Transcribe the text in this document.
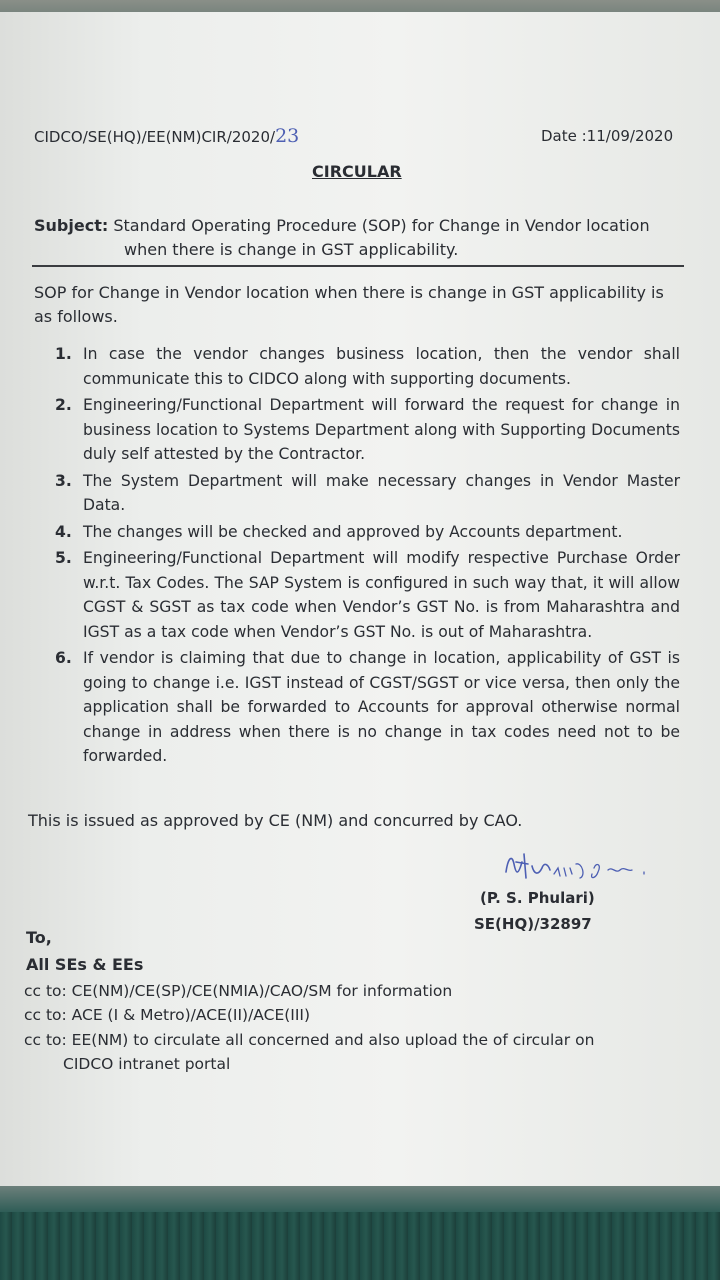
CIDCO/SE(HQ)/EE(NM)CIR/2020/23	Date :11/09/2020
CIRCULAR
Subject: Standard Operating Procedure (SOP) for Change in Vendor location
when there is change in GST applicability.
SOP for Change in Vendor location when there is change in GST applicability is as follows.
1. In case the vendor changes business location, then the vendor shall communicate this to CIDCO along with supporting documents.
2. Engineering/Functional Department will forward the request for change in business location to Systems Department along with Supporting Documents duly self attested by the Contractor.
3. The System Department will make necessary changes in Vendor Master Data.
4. The changes will be checked and approved by Accounts department.
5. Engineering/Functional Department will modify respective Purchase Order w.r.t. Tax Codes. The SAP System is configured in such way that, it will allow CGST & SGST as tax code when Vendor’s GST No. is from Maharashtra and IGST as a tax code when Vendor’s GST No. is out of Maharashtra.
6. If vendor is claiming that due to change in location, applicability of GST is going to change i.e. IGST instead of CGST/SGST or vice versa, then only the application shall be forwarded to Accounts for approval otherwise normal change in address when there is no change in tax codes need not to be forwarded.
This is issued as approved by CE (NM) and concurred by CAO.
(P. S. Phulari)
SE(HQ)/32897
To,
All SEs & EEs
cc to: CE(NM)/CE(SP)/CE(NMIA)/CAO/SM for information
cc to: ACE (I & Metro)/ACE(II)/ACE(III)
cc to: EE(NM) to circulate all concerned and also upload the of circular on
CIDCO intranet portal
